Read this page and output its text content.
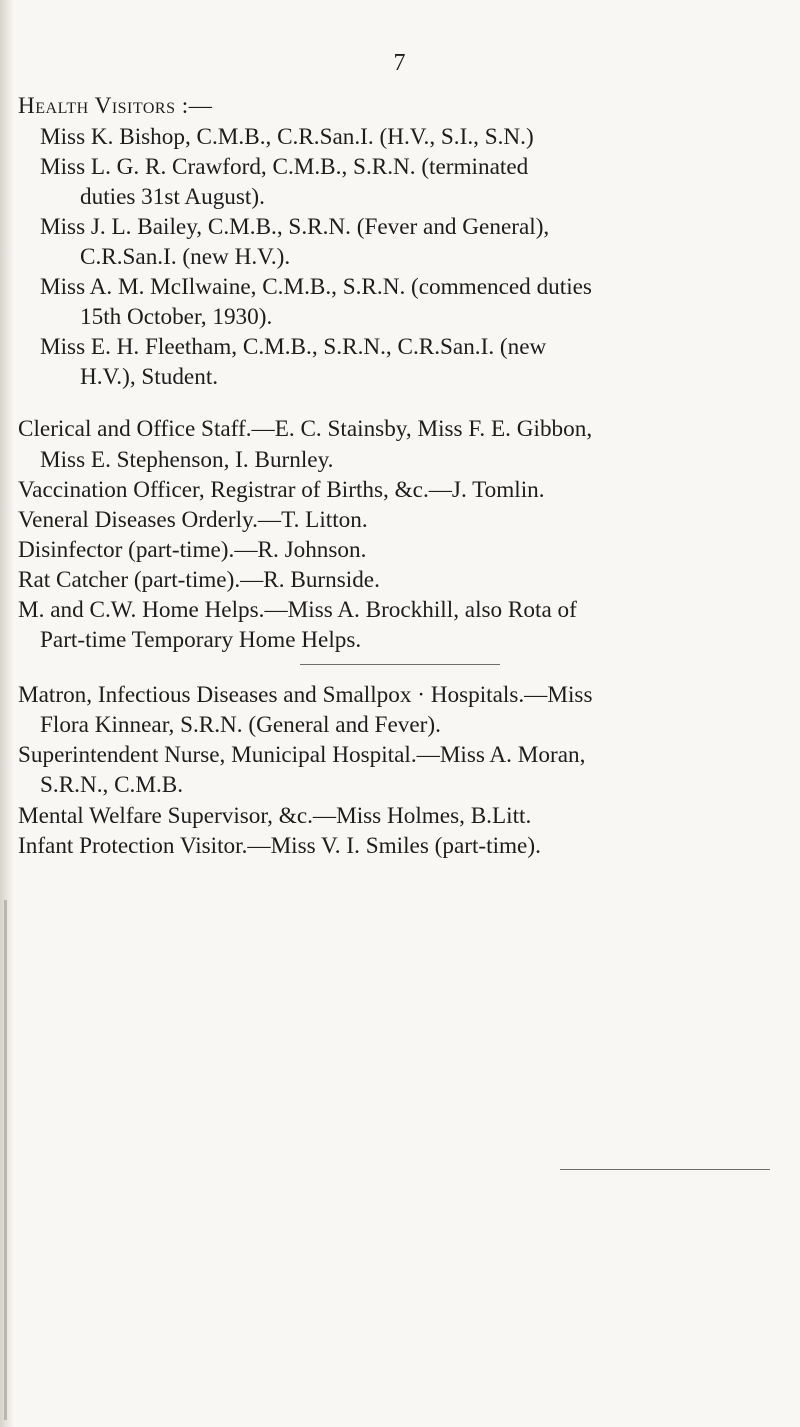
7
Health Visitors :—
Miss K. Bishop, C.M.B., C.R.San.I. (H.V., S.I., S.N.)
Miss L. G. R. Crawford, C.M.B., S.R.N. (terminated
duties 31st August).
Miss J. L. Bailey, C.M.B., S.R.N. (Fever and General),
C.R.San.I. (new H.V.).
Miss A. M. McIlwaine, C.M.B., S.R.N. (commenced duties
15th October, 1930).
Miss E. H. Fleetham, C.M.B., S.R.N., C.R.San.I. (new
H.V.), Student.
Clerical and Office Staff.—E. C. Stainsby, Miss F. E. Gibbon,
Miss E. Stephenson, I. Burnley.
Vaccination Officer, Registrar of Births, &c.—J. Tomlin.
Veneral Diseases Orderly.—T. Litton.
Disinfector (part-time).—R. Johnson.
Rat Catcher (part-time).—R. Burnside.
M. and C.W. Home Helps.—Miss A. Brockhill, also Rota of
Part-time Temporary Home Helps.
Matron, Infectious Diseases and Smallpox · Hospitals.—Miss
Flora Kinnear, S.R.N. (General and Fever).
Superintendent Nurse, Municipal Hospital.—Miss A. Moran,
S.R.N., C.M.B.
Mental Welfare Supervisor, &c.—Miss Holmes, B.Litt.
Infant Protection Visitor.—Miss V. I. Smiles (part-time).
